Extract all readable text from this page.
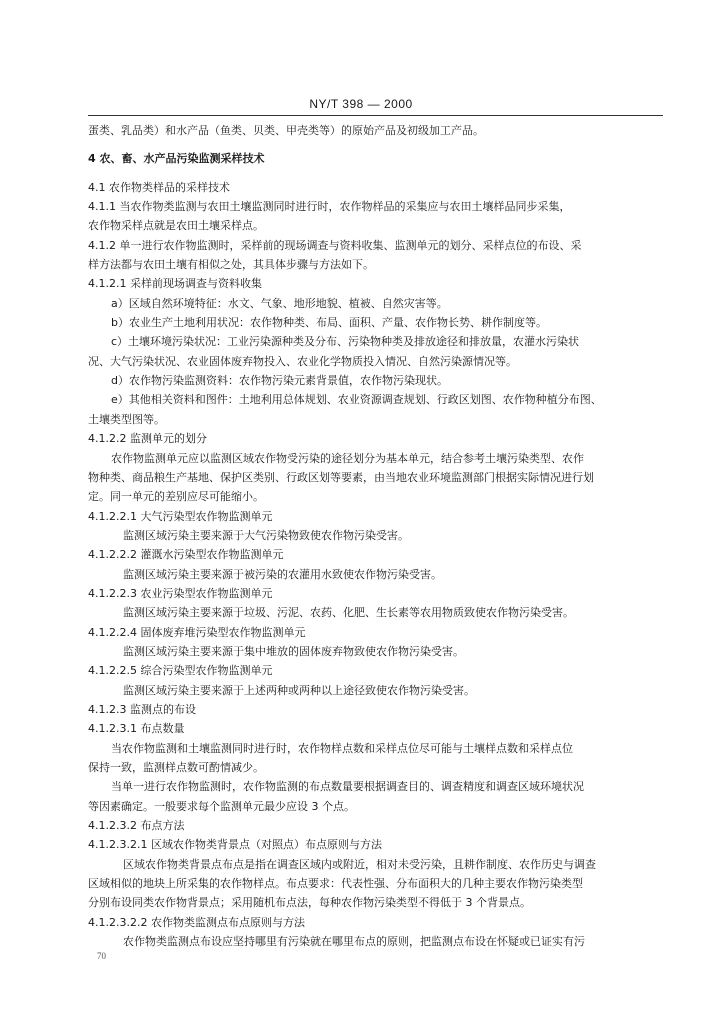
NY/T 398 — 2000
蛋类、乳品类）和水产品（鱼类、贝类、甲壳类等）的原始产品及初级加工产品。
4 农、畜、水产品污染监测采样技术
4.1 农作物类样品的采样技术
4.1.1 当农作物类监测与农田土壤监测同时进行时，农作物样品的采集应与农田土壤样品同步采集，
农作物采样点就是农田土壤采样点。
4.1.2 单一进行农作物监测时，采样前的现场调查与资料收集、监测单元的划分、采样点位的布设、采
样方法都与农田土壤有相似之处，其具体步骤与方法如下。
4.1.2.1 采样前现场调查与资料收集
a）区域自然环境特征：水文、气象、地形地貌、植被、自然灾害等。
b）农业生产土地利用状况：农作物种类、布局、面积、产量、农作物长势、耕作制度等。
c）土壤环境污染状况：工业污染源种类及分布、污染物种类及排放途径和排放量，农灌水污染状
况、大气污染状况、农业固体废弃物投入、农业化学物质投入情况、自然污染源情况等。
d）农作物污染监测资料：农作物污染元素背景值，农作物污染现状。
e）其他相关资料和图件：土地利用总体规划、农业资源调查规划、行政区划图、农作物种植分布图、
土壤类型图等。
4.1.2.2 监测单元的划分
农作物监测单元应以监测区域农作物受污染的途径划分为基本单元，结合参考土壤污染类型、农作
物种类、商品粮生产基地、保护区类别、行政区划等要素，由当地农业环境监测部门根据实际情况进行划
定。同一单元的差别应尽可能缩小。
4.1.2.2.1 大气污染型农作物监测单元
监测区域污染主要来源于大气污染物致使农作物污染受害。
4.1.2.2.2 灌溉水污染型农作物监测单元
监测区域污染主要来源于被污染的农灌用水致使农作物污染受害。
4.1.2.2.3 农业污染型农作物监测单元
监测区域污染主要来源于垃圾、污泥、农药、化肥、生长素等农用物质致使农作物污染受害。
4.1.2.2.4 固体废弃堆污染型农作物监测单元
监测区域污染主要来源于集中堆放的固体废弃物致使农作物污染受害。
4.1.2.2.5 综合污染型农作物监测单元
监测区域污染主要来源于上述两种或两种以上途径致使农作物污染受害。
4.1.2.3 监测点的布设
4.1.2.3.1 布点数量
当农作物监测和土壤监测同时进行时，农作物样点数和采样点位尽可能与土壤样点数和采样点位
保持一致，监测样点数可酌情减少。
当单一进行农作物监测时，农作物监测的布点数量要根据调查目的、调查精度和调查区域环境状况
等因素确定。一般要求每个监测单元最少应设 3 个点。
4.1.2.3.2 布点方法
4.1.2.3.2.1 区域农作物类背景点（对照点）布点原则与方法
区域农作物类背景点布点是指在调查区域内或附近，相对未受污染，且耕作制度、农作历史与调查
区域相似的地块上所采集的农作物样点。布点要求：代表性强、分布面积大的几种主要农作物污染类型
分别布设同类农作物背景点；采用随机布点法，每种农作物污染类型不得低于 3 个背景点。
4.1.2.3.2.2 农作物类监测点布点原则与方法
农作物类监测点布设应坚持哪里有污染就在哪里布点的原则，把监测点布设在怀疑或已证实有污
70
